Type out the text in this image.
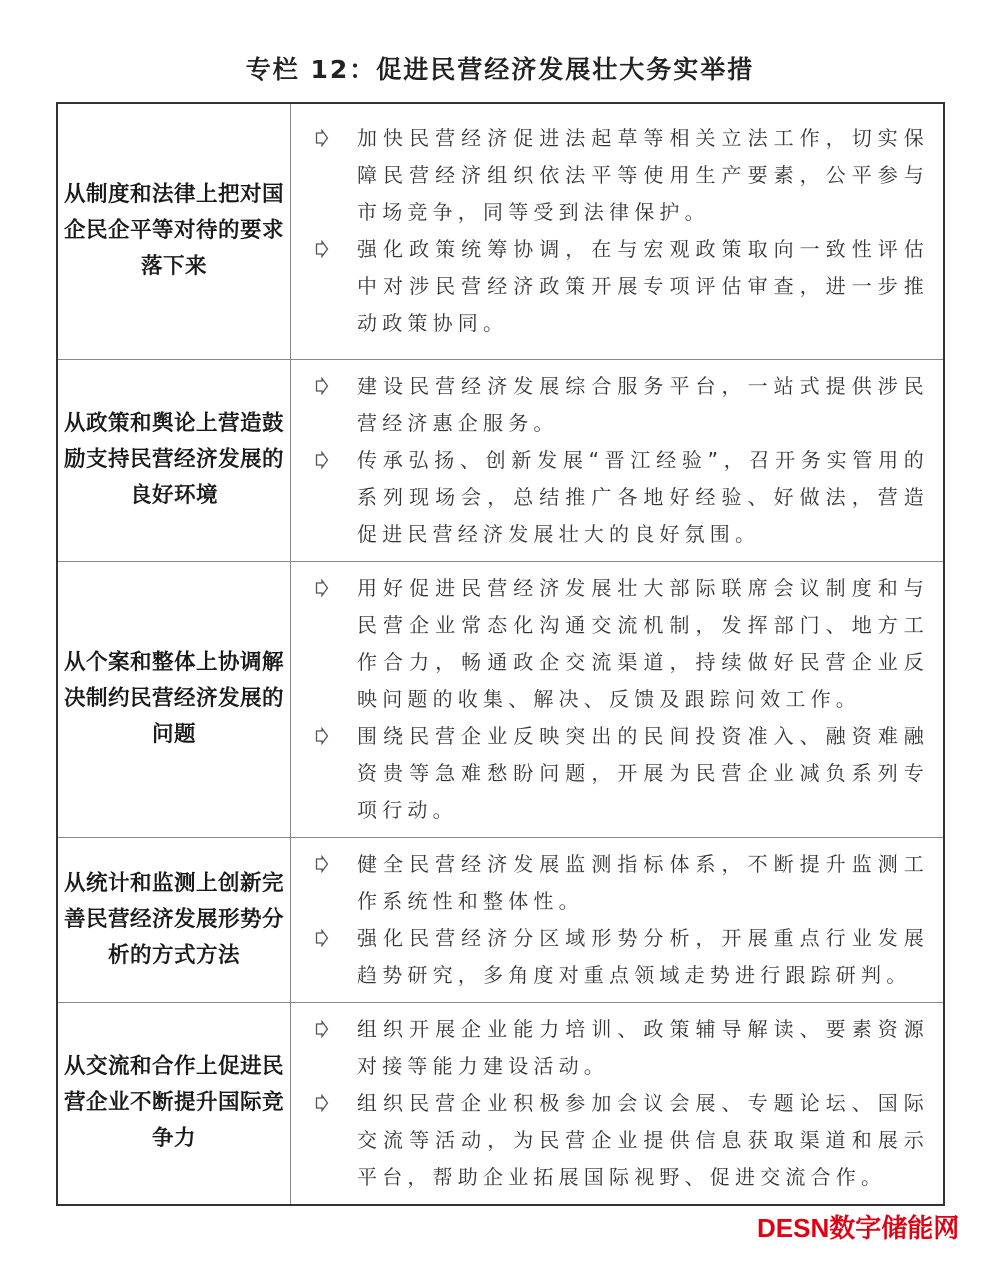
专栏 12：促进民营经济发展壮大务实举措
从制度和法律上把对国企民企平等对待的要求落下来	加快民营经济促进法起草等相关立法工作，切实保障民营经济组织依法平等使用生产要素，公平参与市场竞争，同等受到法律保护。
强化政策统筹协调，在与宏观政策取向一致性评估中对涉民营经济政策开展专项评估审查，进一步推动政策协同。

从政策和舆论上营造鼓励支持民营经济发展的良好环境	建设民营经济发展综合服务平台，一站式提供涉民营经济惠企服务。
传承弘扬、创新发展“晋江经验”，召开务实管用的系列现场会，总结推广各地好经验、好做法，营造促进民营经济发展壮大的良好氛围。

从个案和整体上协调解决制约民营经济发展的问题	用好促进民营经济发展壮大部际联席会议制度和与民营企业常态化沟通交流机制，发挥部门、地方工作合力，畅通政企交流渠道，持续做好民营企业反映问题的收集、解决、反馈及跟踪问效工作。
围绕民营企业反映突出的民间投资准入、融资难融资贵等急难愁盼问题，开展为民营企业减负系列专项行动。

从统计和监测上创新完善民营经济发展形势分析的方式方法	健全民营经济发展监测指标体系，不断提升监测工作系统性和整体性。
强化民营经济分区域形势分析，开展重点行业发展趋势研究，多角度对重点领域走势进行跟踪研判。

从交流和合作上促进民营企业不断提升国际竞争力	组织开展企业能力培训、政策辅导解读、要素资源对接等能力建设活动。
组织民营企业积极参加会议会展、专题论坛、国际交流等活动，为民营企业提供信息获取渠道和展示平台，帮助企业拓展国际视野、促进交流合作。
DESN数字储能网
